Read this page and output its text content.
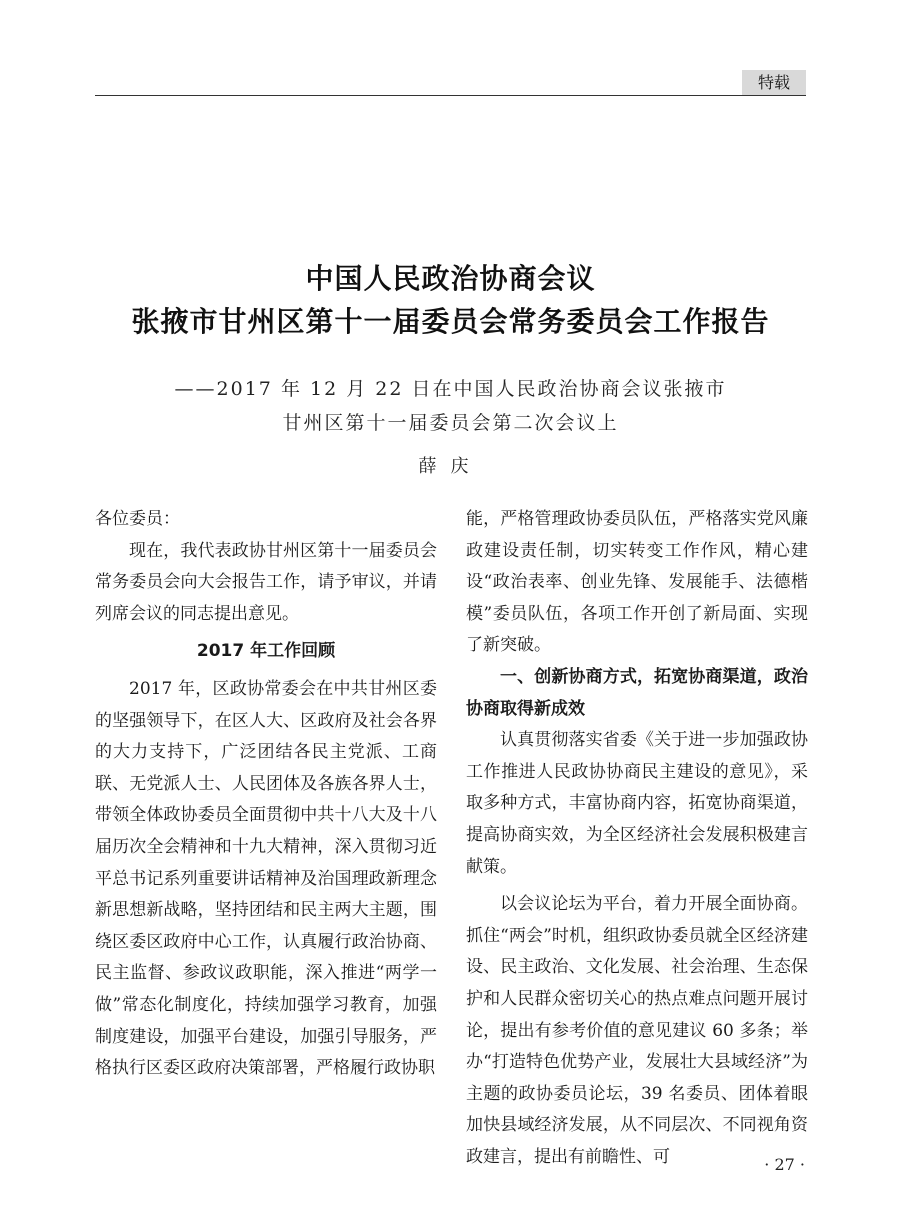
特载
中国人民政治协商会议
张掖市甘州区第十一届委员会常务委员会工作报告
——2017 年 12 月 22 日在中国人民政治协商会议张掖市
甘州区第十一届委员会第二次会议上
薛庆

各位委员：

现在，我代表政协甘州区第十一届委员会常务委员会向大会报告工作，请予审议，并请列席会议的同志提出意见。

2017 年工作回顾

2017 年，区政协常委会在中共甘州区委的坚强领导下，在区人大、区政府及社会各界的大力支持下，广泛团结各民主党派、工商联、无党派人士、人民团体及各族各界人士，带领全体政协委员全面贯彻中共十八大及十八届历次全会精神和十九大精神，深入贯彻习近平总书记系列重要讲话精神及治国理政新理念新思想新战略，坚持团结和民主两大主题，围绕区委区政府中心工作，认真履行政治协商、民主监督、参政议政职能，深入推进“两学一做”常态化制度化，持续加强学习教育，加强制度建设，加强平台建设，加强引导服务，严格执行区委区政府决策部署，严格履行政协职

能，严格管理政协委员队伍，严格落实党风廉政建设责任制，切实转变工作作风，精心建设“政治表率、创业先锋、发展能手、法德楷模”委员队伍，各项工作开创了新局面、实现了新突破。

一、创新协商方式，拓宽协商渠道，政治协商取得新成效

认真贯彻落实省委《关于进一步加强政协工作推进人民政协协商民主建设的意见》，采取多种方式，丰富协商内容，拓宽协商渠道，提高协商实效，为全区经济社会发展积极建言献策。

以会议论坛为平台，着力开展全面协商。抓住“两会”时机，组织政协委员就全区经济建设、民主政治、文化发展、社会治理、生态保护和人民群众密切关心的热点难点问题开展讨论，提出有参考价值的意见建议 60 多条；举办“打造特色优势产业，发展壮大县域经济”为主题的政协委员论坛，39 名委员、团体着眼加快县域经济发展，从不同层次、不同视角资政建言，提出有前瞻性、可	· 27 ·
